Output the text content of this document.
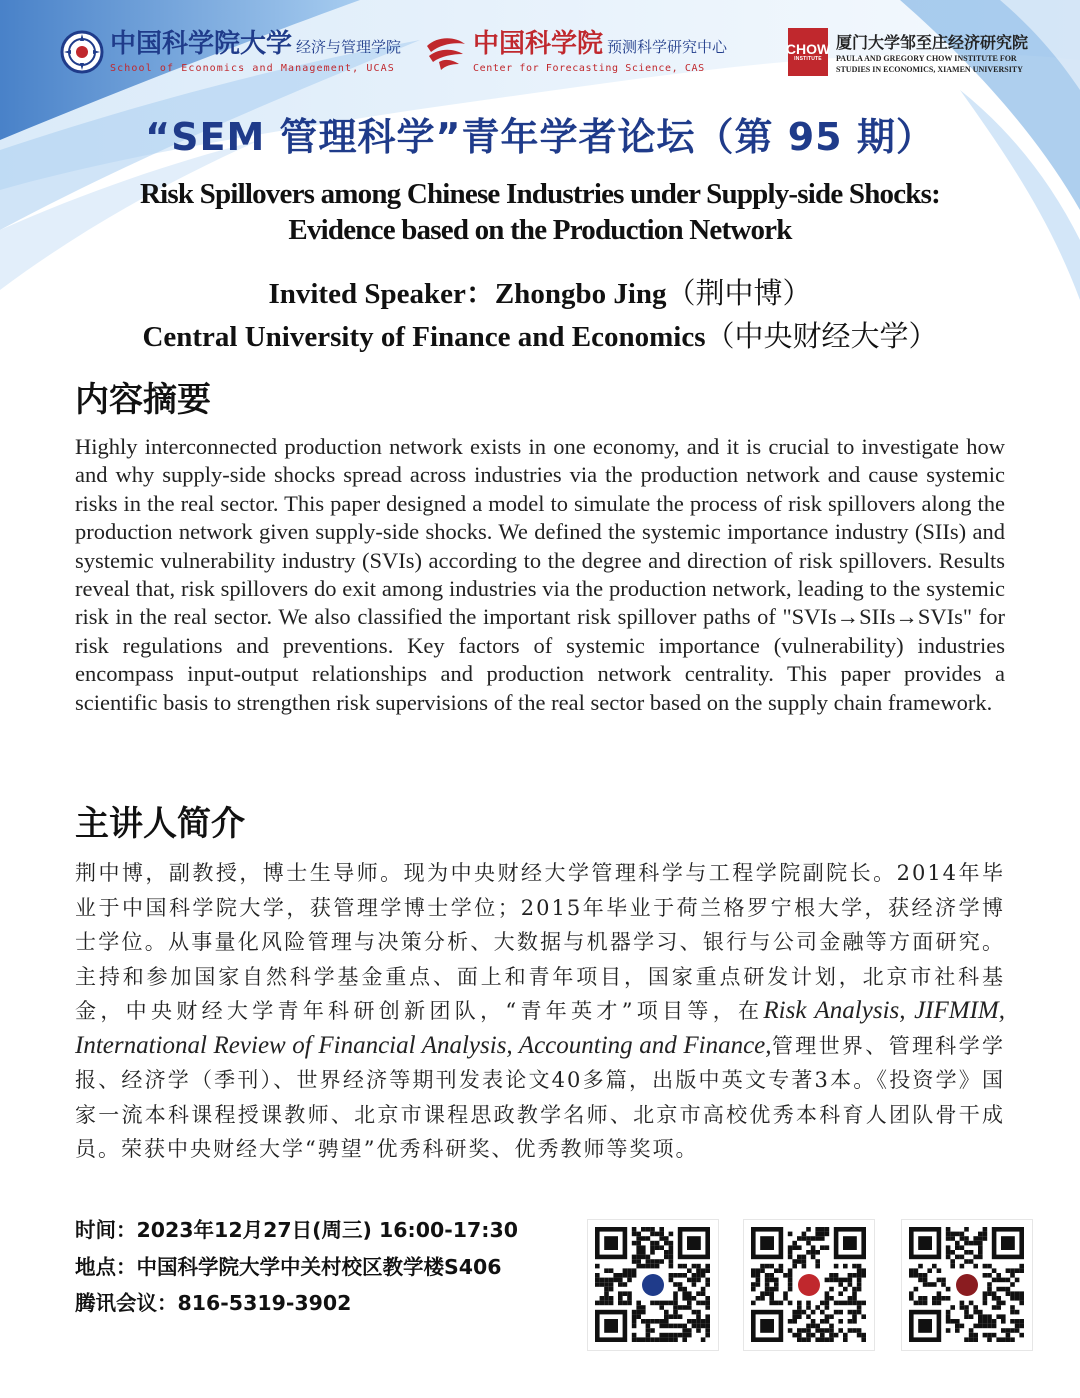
中国科学院大学 经济与管理学院
School of Economics and Management, UCAS
中国科学院 预测科学研究中心
Center for Forecasting Science, CAS
CHOW
INSTITUTE
厦门大学邹至庄经济研究院
PAULA AND GREGORY CHOW INSTITUTE FOR
STUDIES IN ECONOMICS, XIAMEN UNIVERSITY
“SEM 管理科学”青年学者论坛（第 95 期）
Risk Spillovers among Chinese Industries under Supply-side Shocks:
Evidence based on the Production Network
Invited Speaker：Zhongbo Jing（荆中博）
Central University of Finance and Economics（中央财经大学）
内容摘要
Highly interconnected production network exists in one economy, and it is crucial to investigate how and why supply-side shocks spread across industries via the production network and cause systemic risks in the real sector. This paper designed a model to simulate the process of risk spillovers along the production network given supply-side shocks. We defined the systemic importance industry (SIIs) and systemic vulnerability industry (SVIs) according to the degree and direction of risk spillovers. Results reveal that, risk spillovers do exit among industries via the production network, leading to the systemic risk in the real sector. We also classified the important risk spillover paths of "SVIs→SIIs→SVIs" for risk regulations and preventions. Key factors of systemic importance (vulnerability) industries encompass input-output relationships and production network centrality. This paper provides a scientific basis to strengthen risk supervisions of the real sector based on the supply chain framework.
主讲人简介
荆中博，副教授，博士生导师。现为中央财经大学管理科学与工程学院副院长。2014年毕业于中国科学院大学，获管理学博士学位；2015年毕业于荷兰格罗宁根大学，获经济学博士学位。从事量化风险管理与决策分析、大数据与机器学习、银行与公司金融等方面研究。主持和参加国家自然科学基金重点、面上和青年项目，国家重点研发计划，北京市社科基金，中央财经大学青年科研创新团队，“青年英才”项目等，在Risk Analysis, JIFMIM, International Review of Financial Analysis, Accounting and Finance,管理世界、管理科学学报、经济学（季刊）、世界经济等期刊发表论文40多篇，出版中英文专著3本。《投资学》国家一流本科课程授课教师、北京市课程思政教学名师、北京市高校优秀本科育人团队骨干成员。荣获中央财经大学“骋望”优秀科研奖、优秀教师等奖项。
时间：2023年12月27日(周三) 16:00-17:30
地点：中国科学院大学中关村校区教学楼S406
腾讯会议：816-5319-3902
